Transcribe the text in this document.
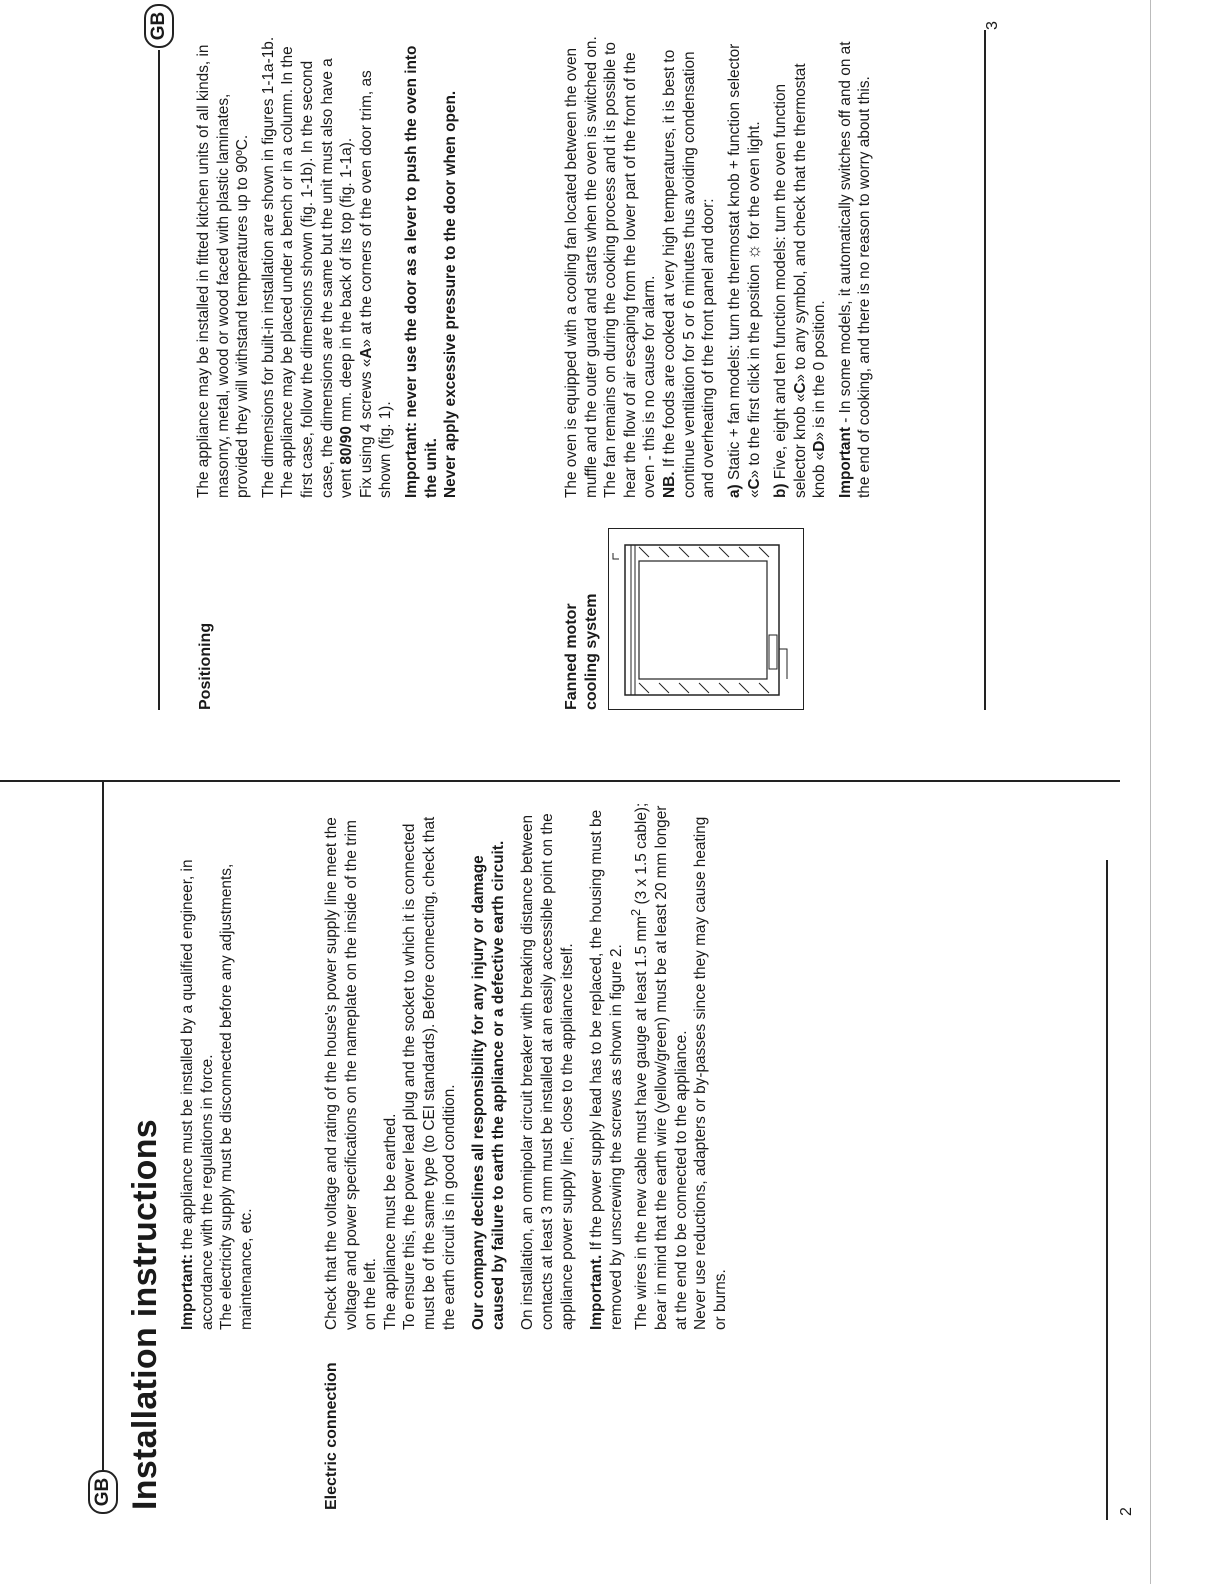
GB Installation instructions Important: the appliance must be installed by a qualified engineer, in accordance with the regulations in force. The electricity supply must be disconnected before any adjustments, maintenance, etc.

Electric connection

Check that the voltage and rating of the house's power supply line meet the voltage and power specifications on the nameplate on the inside of the trim on the left. The appliance must be earthed. To ensure this, the power lead plug and the socket to which it is connected must be of the same type (to CEI standards). Before connecting, check that the earth circuit is in good condition. Our company declines all responsibility for any injury or damage caused by failure to earth the appliance or a defective earth circuit. On installation, an omnipolar circuit breaker with breaking distance between contacts at least 3 mm must be installed at an easily accessible point on the appliance power supply line, close to the appliance itself. Important. If the power supply lead has to be replaced, the housing must be removed by unscrewing the screws as shown in figure 2. The wires in the new cable must have gauge at least 1.5 $mm^2$ (3 x 1.5 cable); bear in mind that the earth wire (yellow/green) must be at least 20 mm longer at the end to be connected to the appliance. Never use reductions, adapters or by-passes since they may cause heating or burns.

2
GB
Positioning

The appliance may be installed in fitted kitchen units of all kinds, in masonry, metal, wood or wood faced with plastic laminates, provided they will withstand temperatures up to 90ºC. The dimensions for built-in installation are shown in figures 1-1a-1b. The appliance may be placed under a bench or in a column. In the first case, follow the dimensions shown (fig. 1-1b). In the second case, the dimensions are the same but the unit must also have a vent 80/90 mm. deep in the back of its top (fig. 1-1a).

Fix using 4 screws «A» at the corners of the oven door trim, as shown (fig. 1). Important: never use the door as a lever to push the oven into the unit. Never apply excessive pressure to the door when open.

Fanned motor cooling system

The oven is equipped with a cooling fan located between the oven muffle and the outer guard and starts when the oven is switched on. The fan remains on during the cooking process and it is possible to hear the flow of air escaping from the lower part of the front of the oven - this is no cause for alarm. NB. If the foods are cooked at very high temperatures, it is best to continue ventilation for 5 or 6 minutes thus avoiding condensation and overheating of the front panel and door: a) Static + fan models: turn the thermostat knob + function selector «C» to the first click in the position ☼ for the oven light.

b) Five, eight and ten function models: turn the oven function selector knob «C» to any symbol, and check that the thermostat knob «D» is in the 0 position.

Important - In some models, it automatically switches off and on at the end of cooking, and there is no reason to worry about this.

3
